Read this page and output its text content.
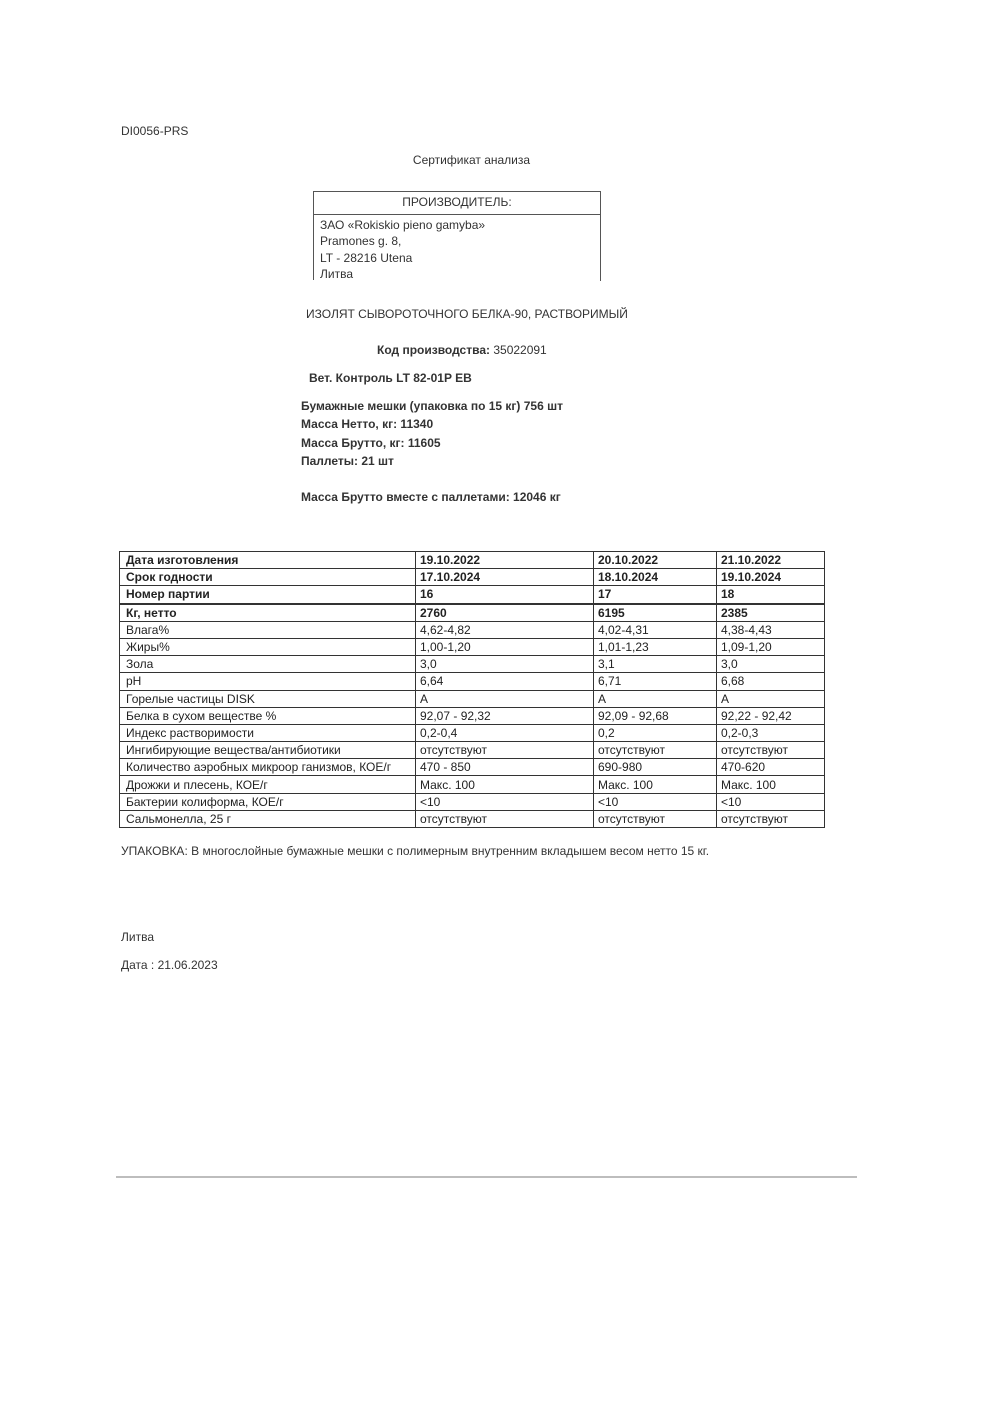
DI0056-PRS
Сертификат анализа
ПРОИЗВОДИТЕЛЬ:
ЗАО «Rokiskio pieno gamyba»
Pramones g. 8,
LT - 28216 Utena
Литва
ИЗОЛЯТ СЫВОРОТОЧНОГО БЕЛКА-90, РАСТВОРИМЫЙ
Код производства: 35022091
Вет. Контроль LT 82-01P EB
Бумажные мешки (упаковка по 15 кг) 756 шт
Масса Нетто, кг: 11340
Масса Брутто, кг: 11605
Паллеты: 21 шт
Масса Брутто вместе с паллетами: 12046 кг
Дата изготовления	19.10.2022	20.10.2022	21.10.2022
Срок годности	17.10.2024	18.10.2024	19.10.2024
Номер партии	16	17	18
Кг, нетто	2760	6195	2385
Влага%	4,62-4,82	4,02-4,31	4,38-4,43
Жиры%	1,00-1,20	1,01-1,23	1,09-1,20
Зола	3,0	3,1	3,0
pH	6,64	6,71	6,68
Горелые частицы DISK	A	A	A
Белка в сухом веществе %	92,07 - 92,32	92,09 - 92,68	92,22 - 92,42
Индекс растворимости	0,2-0,4	0,2	0,2-0,3
Ингибирующие вещества/антибиотики	отсутствуют	отсутствуют	отсутствуют
Количество аэробных микроор ганизмов, КОЕ/г	470 - 850	690-980	470-620
Дрожжи и плесень, КОЕ/г	Макс. 100	Макс. 100	Макс. 100
Бактерии колиформа, КОЕ/г	<10	<10	<10
Сальмонелла, 25 г	отсутствуют	отсутствуют	отсутствуют
УПАКОВКА: В многослойные бумажные мешки с полимерным внутренним вкладышем весом нетто 15 кг.
Литва
Дата : 21.06.2023
